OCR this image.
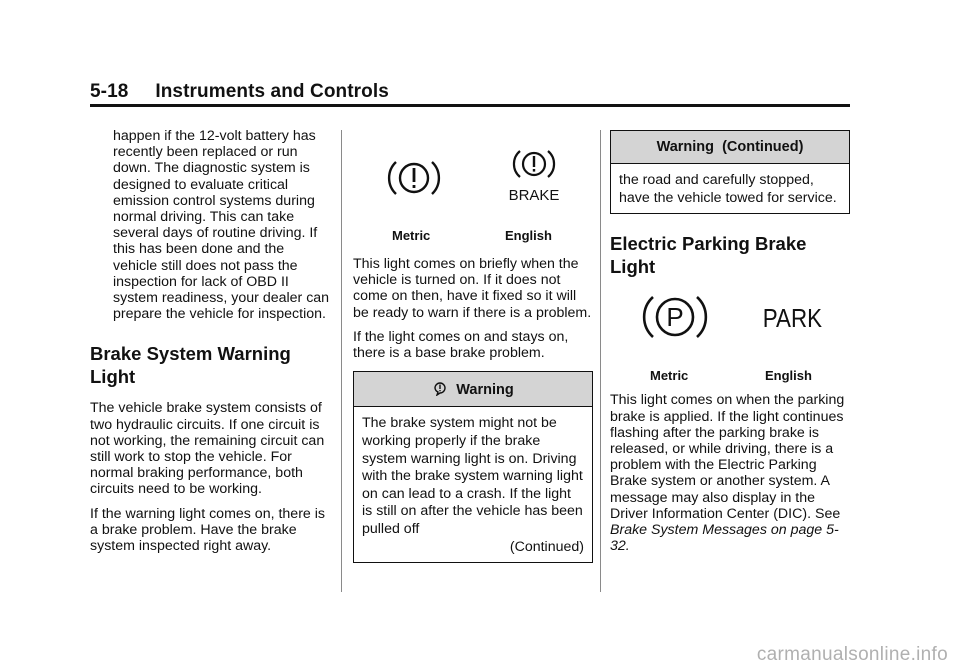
5-18     Instruments and Controls

happen if the 12-volt battery has recently been replaced or run down. The diagnostic system is designed to evaluate critical emission control systems during normal driving. This can take several days of routine driving. If this has been done and the vehicle still does not pass the inspection for lack of OBD II system readiness, your dealer can prepare the vehicle for inspection.

Brake System Warning Light

The vehicle brake system consists of two hydraulic circuits. If one circuit is not working, the remaining circuit can still work to stop the vehicle. For normal braking performance, both circuits need to be working.

If the warning light comes on, there is a brake problem. Have the brake system inspected right away.

BRAKE
Metric	English

This light comes on briefly when the vehicle is turned on. If it does not come on then, have it fixed so it will be ready to warn if there is a problem.

If the light comes on and stays on, there is a base brake problem.

Warning

The brake system might not be working properly if the brake system warning light is on. Driving with the brake system warning light on can lead to a crash. If the light is still on after the vehicle has been pulled off

(Continued)

Warning  (Continued)

the road and carefully stopped, have the vehicle towed for service.

Electric Parking Brake Light
P	PARK
Metric	English

This light comes on when the parking brake is applied. If the light continues flashing after the parking brake is released, or while driving, there is a problem with the Electric Parking Brake system or another system. A message may also display in the Driver Information Center (DIC). See Brake System Messages on page 5-32.

carmanualsonline.info
